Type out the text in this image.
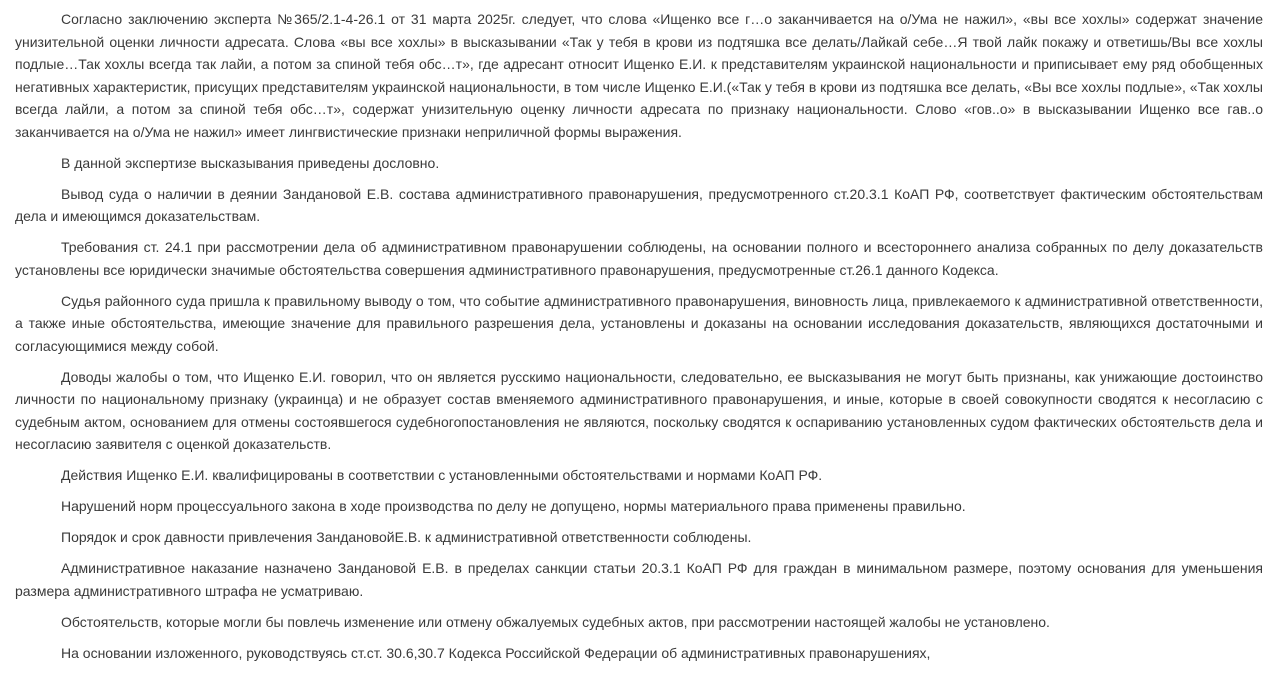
Согласно заключению эксперта №365/2.1-4-26.1 от 31 марта 2025г. следует, что слова «Ищенко все г…о заканчивается на о/Ума не нажил», «вы все хохлы» содержат значение унизительной оценки личности адресата. Слова «вы все хохлы» в высказывании «Так у тебя в крови из подтяшка все делать/Лайкай себе…Я твой лайк покажу и ответишь/Вы все хохлы подлые…Так хохлы всегда так лайи, а потом за спиной тебя обс…т», где адресант относит Ищенко Е.И. к представителям украинской национальности и приписывает ему ряд обобщенных негативных характеристик, присущих представителям украинской национальности, в том числе Ищенко Е.И.(«Так у тебя в крови из подтяшка все делать, «Вы все хохлы подлые», «Так хохлы всегда лайли, а потом за спиной тебя обс…т», содержат унизительную оценку личности адресата по признаку национальности. Слово «гов..о» в высказывании Ищенко все гав..о заканчивается на о/Ума не нажил» имеет лингвистические признаки неприличной формы выражения.

В данной экспертизе высказывания приведены дословно.

Вывод суда о наличии в деянии Зандановой Е.В. состава административного правонарушения, предусмотренного ст.20.3.1 КоАП РФ, соответствует фактическим обстоятельствам дела и имеющимся доказательствам.

Требования ст. 24.1 при рассмотрении дела об административном правонарушении соблюдены, на основании полного и всестороннего анализа собранных по делу доказательств установлены все юридически значимые обстоятельства совершения административного правонарушения, предусмотренные ст.26.1 данного Кодекса.

Судья районного суда пришла к правильному выводу о том, что событие административного правонарушения, виновность лица, привлекаемого к административной ответственности, а также иные обстоятельства, имеющие значение для правильного разрешения дела, установлены и доказаны на основании исследования доказательств, являющихся достаточными и согласующимися между собой.

Доводы жалобы о том, что Ищенко Е.И. говорил, что он является русскимо национальности, следовательно, ее высказывания не могут быть признаны, как унижающие достоинство личности по национальному признаку (украинца) и не образует состав вменяемого административного правонарушения, и иные, которые в своей совокупности сводятся к несогласию с судебным актом, основанием для отмены состоявшегося судебногопостановления не являются, поскольку сводятся к оспариванию установленных судом фактических обстоятельств дела и несогласию заявителя с оценкой доказательств.

Действия Ищенко Е.И. квалифицированы в соответствии с установленными обстоятельствами и нормами КоАП РФ.

Нарушений норм процессуального закона в ходе производства по делу не допущено, нормы материального права применены правильно.

Порядок и срок давности привлечения ЗандановойЕ.В. к административной ответственности соблюдены.

Административное наказание назначено Зандановой Е.В. в пределах санкции статьи 20.3.1 КоАП РФ для граждан в минимальном размере, поэтому основания для уменьшения размера административного штрафа не усматриваю.

Обстоятельств, которые могли бы повлечь изменение или отмену обжалуемых судебных актов, при рассмотрении настоящей жалобы не установлено.

На основании изложенного, руководствуясь ст.ст. 30.6,30.7 Кодекса Российской Федерации об административных правонарушениях,
